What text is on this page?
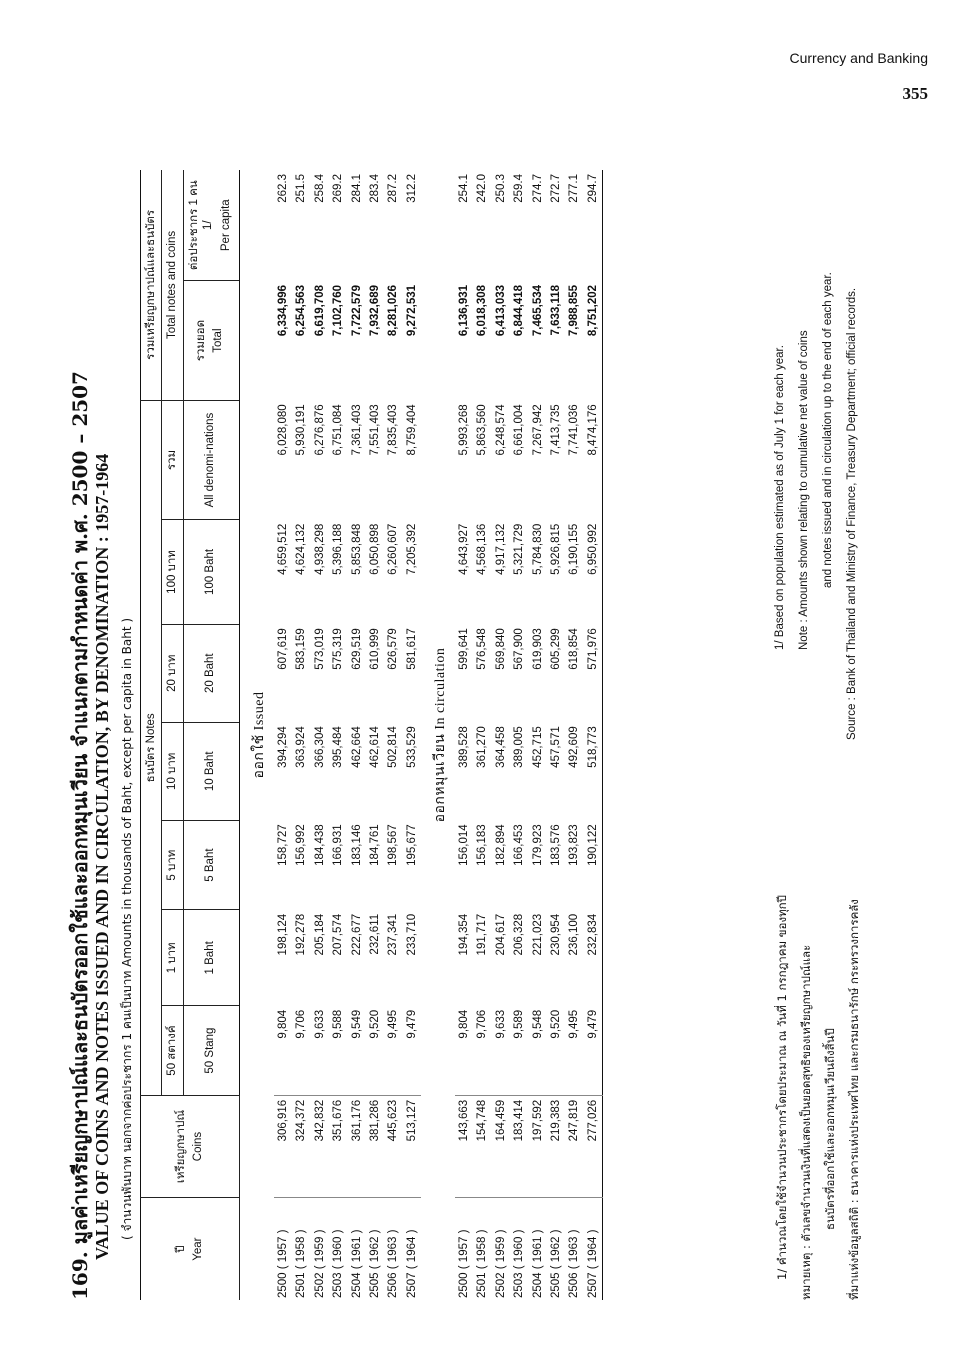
Currency and Banking
355
169. มูลค่าเหรียญกษาปณ์และธนบัตรออกใช้และออกหมุนเวียน จำแนกตามกำหนดค่า พ.ศ. 2500 – 2507 VALUE OF COINS AND NOTES ISSUED AND IN CIRCULATION, BY DENOMINATION : 1957-1964 ( จำนวนพันบาท นอกจากค่อประชากร 1 คนเป็นบาท Amounts in thousands of Baht, except per capita in Baht )
ปี Year	เหรียญกษาปณ์ Coins	ธนบัตร Notes							รวมเหรียญกษาปณ์และธนบัตร	
		50 สตางค์	1 บาท	5 บาท	10 บาท	20 บาท	100 บาท	รวม	Total notes and coins	
		50 Stang	1 Baht	5 Baht	10 Baht	20 Baht	100 Baht	All denomi-nations	รวมยอด Total	ต่อประชากร 1 คน 1/ Per capita

ออกใช้ Issued										
2500 ( 1957 )	306,916	9,804	198,124	158,727	394,294	607,619	4,659,512	6,028,080	6,334,996	262.3
2501 ( 1958 )	324,372	9,706	192,278	156,992	363,924	583,159	4,624,132	5,930,191	6,254,563	251.5
2502 ( 1959 )	342,832	9,633	205,184	184,438	366,304	573,019	4,938,298	6,276,876	6,619,708	258.4
2503 ( 1960 )	351,676	9,588	207,574	166,931	395,484	575,319	5,396,188	6,751,084	7,102,760	269.2
2504 ( 1961 )	361,176	9,549	222,677	183,146	462,664	629,519	5,853,848	7,361,403	7,722,579	284.1
2505 ( 1962 )	381,286	9,520	232,611	184,761	462,614	610,999	6,050,898	7,551,403	7,932,689	283.4
2506 ( 1963 )	445,623	9,495	237,341	198,567	502,814	626,579	6,260,607	7,835,403	8,281,026	287.2
2507 ( 1964 )	513,127	9,479	233,710	195,677	533,529	581,617	7,205,392	8,759,404	9,272,531	312.2
ออกหมุนเวียน In circulation										
2500 ( 1957 )	143,663	9,804	194,354	156,014	389,528	599,641	4,643,927	5,993,268	6,136,931	254.1
2501 ( 1958 )	154,748	9,706	191,717	156,183	361,270	576,548	4,568,136	5,863,560	6,018,308	242.0
2502 ( 1959 )	164,459	9,633	204,617	182,894	364,458	569,840	4,917,132	6,248,574	6,413,033	250.3
2503 ( 1960 )	183,414	9,589	206,328	166,453	389,005	567,900	5,321,729	6,661,004	6,844,418	259.4
2504 ( 1961 )	197,592	9,548	221,023	179,923	452,715	619,903	5,784,830	7,267,942	7,465,534	274.7
2505 ( 1962 )	219,383	9,520	230,954	183,576	457,571	605,299	5,926,815	7,413,735	7,633,118	272.7
2506 ( 1963 )	247,819	9,495	236,100	193,823	492,609	618,854	6,190,155	7,741,036	7,988,855	277.1
2507 ( 1964 )	277,026	9,479	232,834	190,122	518,773	571,976	6,950,992	8,474,176	8,751,202	294.7
1/ คำนวณโดยใช้จำนวนประชากรโดยประมาณ ณ วันที่ 1 กรกฎาคม ของทุกปี
1/ Based on population estimated as of July 1 for each year.
หมายเหตุ : ตัวเลขจำนวนเงินที่แสดงเป็นยอดสุทธิของเหรียญกษาปณ์และ
Note : Amounts shown relating to cumulative net value of coins
ธนบัตรที่ออกใช้และออกหมุนเวียนถึงสิ้นปี
and notes issued and in circulation up to the end of each year.
ที่มาแห่งข้อมูลสถิติ : ธนาคารแห่งประเทศไทย และกรมธนารักษ์ กระทรวงการคลัง
Source : Bank of Thailand and Ministry of Finance, Treasury Department; official records.
